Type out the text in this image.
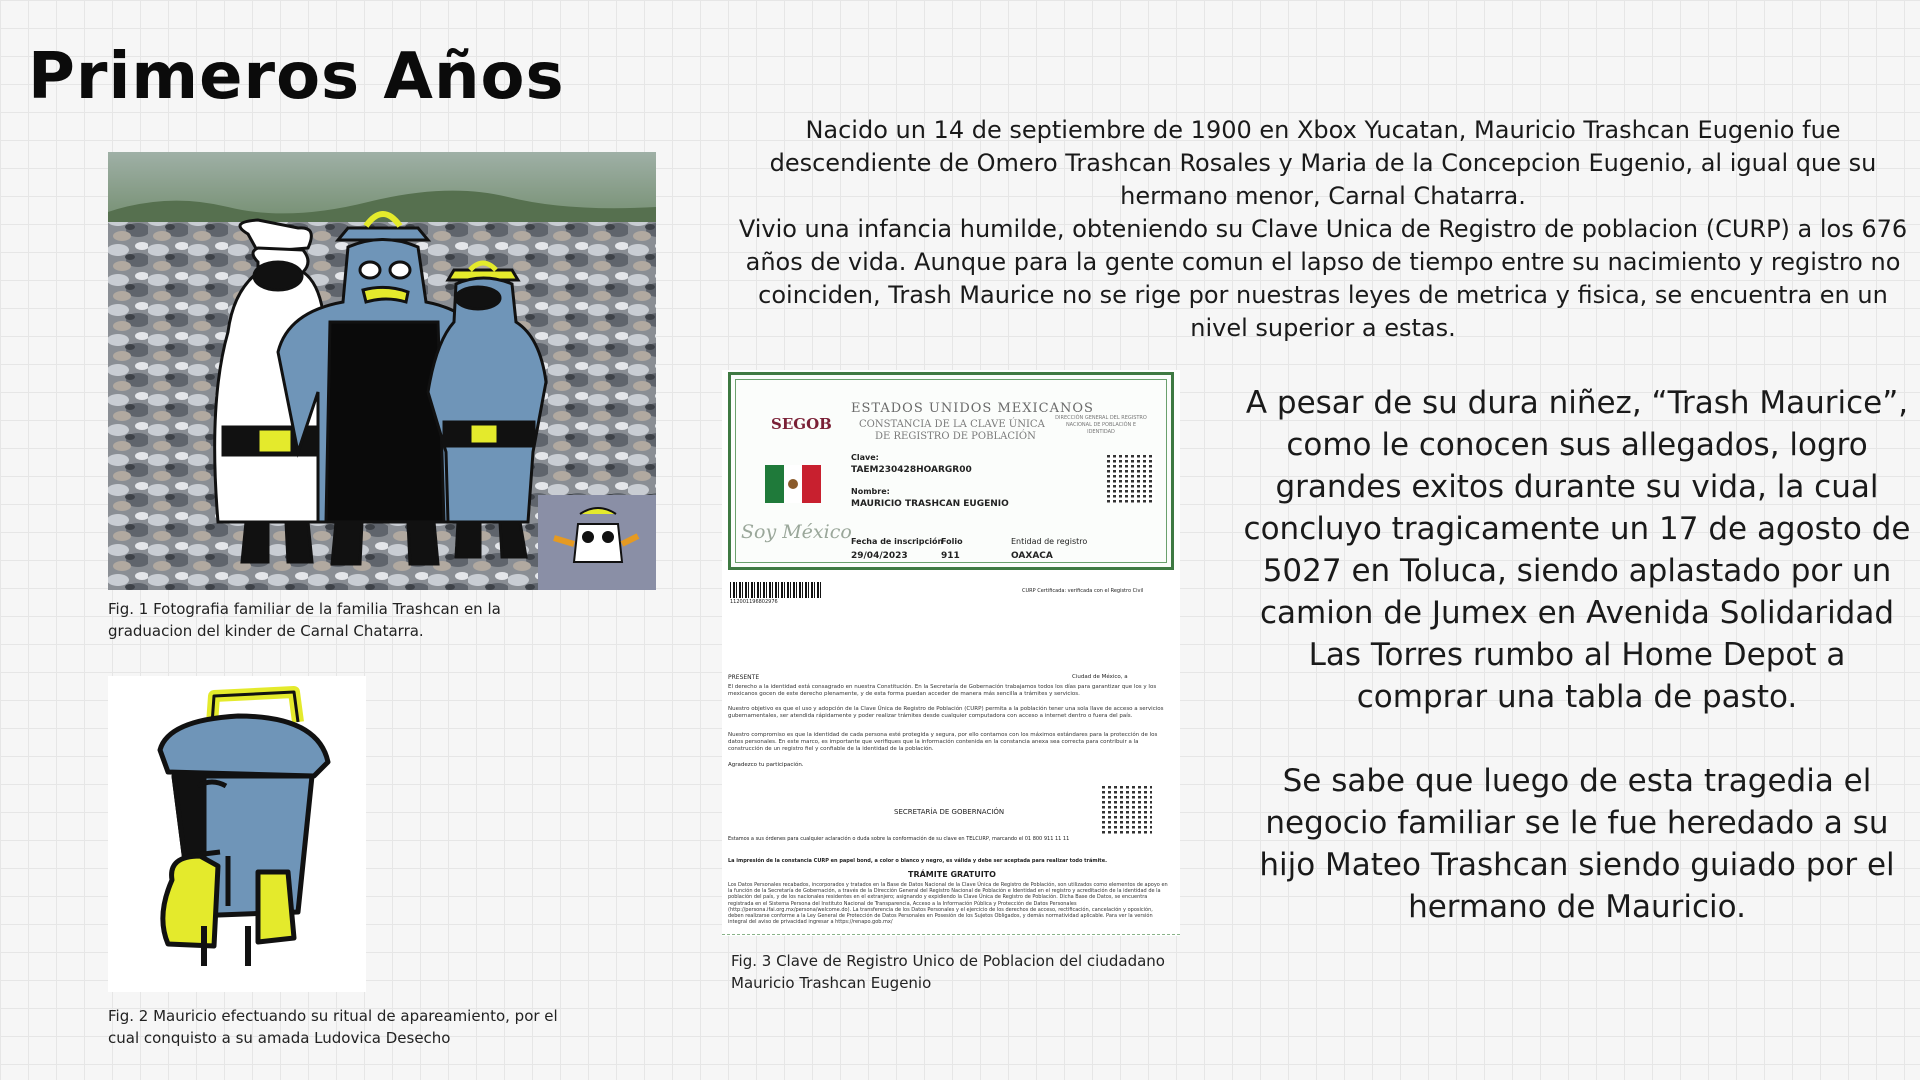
Primeros Años

Nacido un 14 de septiembre de 1900 en Xbox Yucatan, Mauricio Trashcan Eugenio fue descendiente de Omero Trashcan Rosales y Maria de la Concepcion Eugenio, al igual que su hermano menor, Carnal Chatarra.

Vivio una infancia humilde, obteniendo su Clave Unica de Registro de poblacion (CURP) a los 676 años de vida. Aunque para la gente comun el lapso de tiempo entre su nacimiento y registro no coinciden, Trash Maurice no se rige por nuestras leyes de metrica y fisica, se encuentra en un nivel superior a estas.

Fig. 1 Fotografia familiar de la familia Trashcan en la graduacion del kinder de Carnal Chatarra.
Fig. 2 Mauricio efectuando su ritual de apareamiento, por el cual conquisto a su amada Ludovica Desecho
SEGOB
ESTADOS UNIDOS MEXICANOS
CONSTANCIA DE LA CLAVE ÚNICA
DE REGISTRO DE POBLACIÓN
DIRECCIÓN GENERAL DEL REGISTRO NACIONAL DE POBLACIÓN E IDENTIDAD
Clave:
TAEM230428HOARGR00
Nombre:
MAURICIO TRASHCAN EUGENIO
Soy México Fecha de inscripción
29/04/2023
Folio
911
Entidad de registro
OAXACA
112001196802976
CURP Certificada: verificada con el Registro Civil
PRESENTE	Ciudad de México, a
El derecho a la identidad está consagrado en nuestra Constitución. En la Secretaría de Gobernación trabajamos todos los días para garantizar que los y los mexicanos gocen de este derecho plenamente, y de esta forma puedan acceder de manera más sencilla a trámites y servicios.
Nuestro objetivo es que el uso y adopción de la Clave Única de Registro de Población (CURP) permita a la población tener una sola llave de acceso a servicios gubernamentales, ser atendida rápidamente y poder realizar trámites desde cualquier computadora con acceso a internet dentro o fuera del país.
Nuestro compromiso es que la identidad de cada persona esté protegida y segura, por ello contamos con los máximos estándares para la protección de los datos personales. En este marco, es importante que verifiques que la información contenida en la constancia anexa sea correcta para contribuir a la construcción de un registro fiel y confiable de la identidad de la población.
Agradezco tu participación.
SECRETARÍA DE GOBERNACIÓN
Estamos a sus órdenes para cualquier aclaración o duda sobre la conformación de su clave en TELCURP, marcando el 01 800 911 11 11
La impresión de la constancia CURP en papel bond, a color o blanco y negro, es válida y debe ser aceptada para realizar todo trámite.
TRÁMITE GRATUITO
Los Datos Personales recabados, incorporados y tratados en la Base de Datos Nacional de la Clave Única de Registro de Población, son utilizados como elementos de apoyo en la función de la Secretaría de Gobernación, a través de la Dirección General del Registro Nacional de Población e Identidad en el registro y acreditación de la identidad de la población del país, y de los nacionales residentes en el extranjero; asignando y expidiendo la Clave Única de Registro de Población. Dicha Base de Datos, se encuentra registrada en el Sistema Persona del Instituto Nacional de Transparencia, Acceso a la Información Pública y Protección de Datos Personales (http://persona.ifai.org.mx/persona/welcome.do). La transferencia de los Datos Personales y el ejercicio de los derechos de acceso, rectificación, cancelación y oposición, deben realizarse conforme a la Ley General de Protección de Datos Personales en Posesión de los Sujetos Obligados, y demás normatividad aplicable. Para ver la versión integral del aviso de privacidad ingresar a https://renapo.gob.mx/
Fig. 3 Clave de Registro Unico de Poblacion del ciudadano Mauricio Trashcan Eugenio

A pesar de su dura niñez, “Trash Maurice”, como le conocen sus allegados, logro grandes exitos durante su vida, la cual concluyo tragicamente un 17 de agosto de 5027 en Toluca, siendo aplastado por un camion de Jumex en Avenida Solidaridad Las Torres rumbo al Home Depot a comprar una tabla de pasto.

Se sabe que luego de esta tragedia el negocio familiar se le fue heredado a su hijo Mateo Trashcan siendo guiado por el hermano de Mauricio.
